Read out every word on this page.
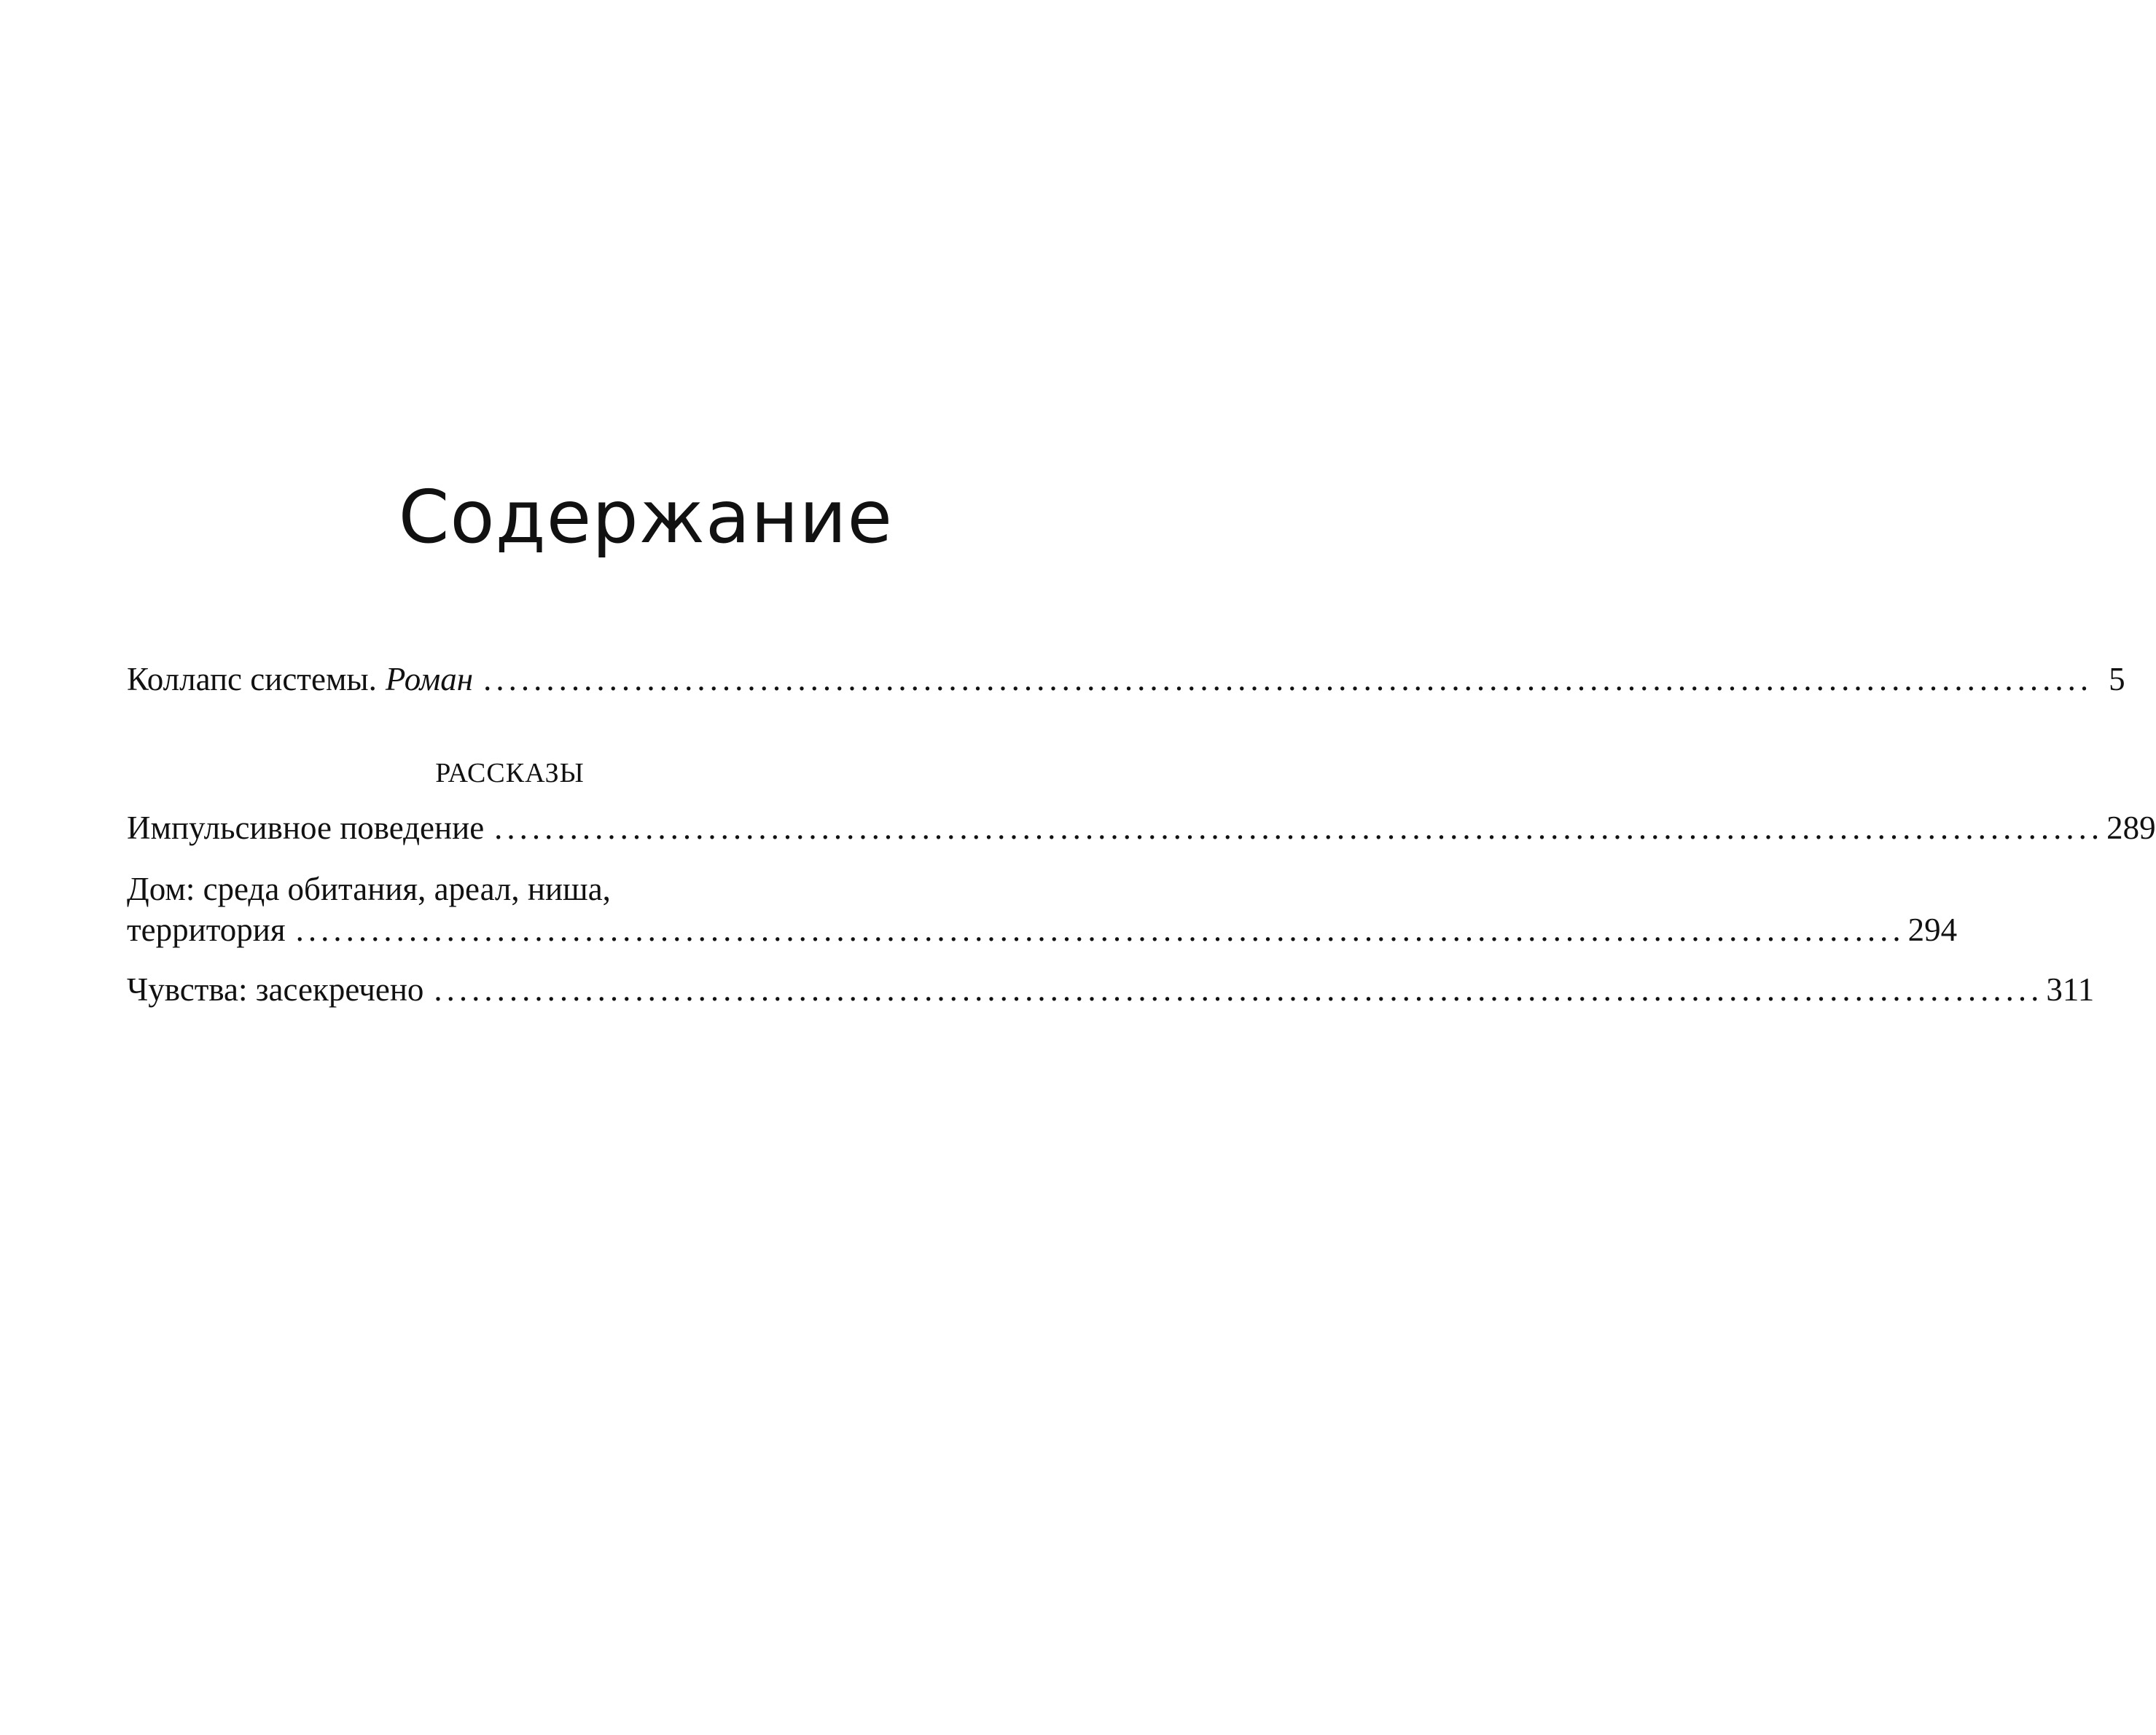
Содержание
Коллапс системы. Роман ................................................................................................................................ 5
РАССКАЗЫ
Импульсивное поведение ................................................................................................................................ 289
Дом: среда обитания, ареал, ниша,
территория ................................................................................................................................ 294
Чувства: засекречено ................................................................................................................................ 311
